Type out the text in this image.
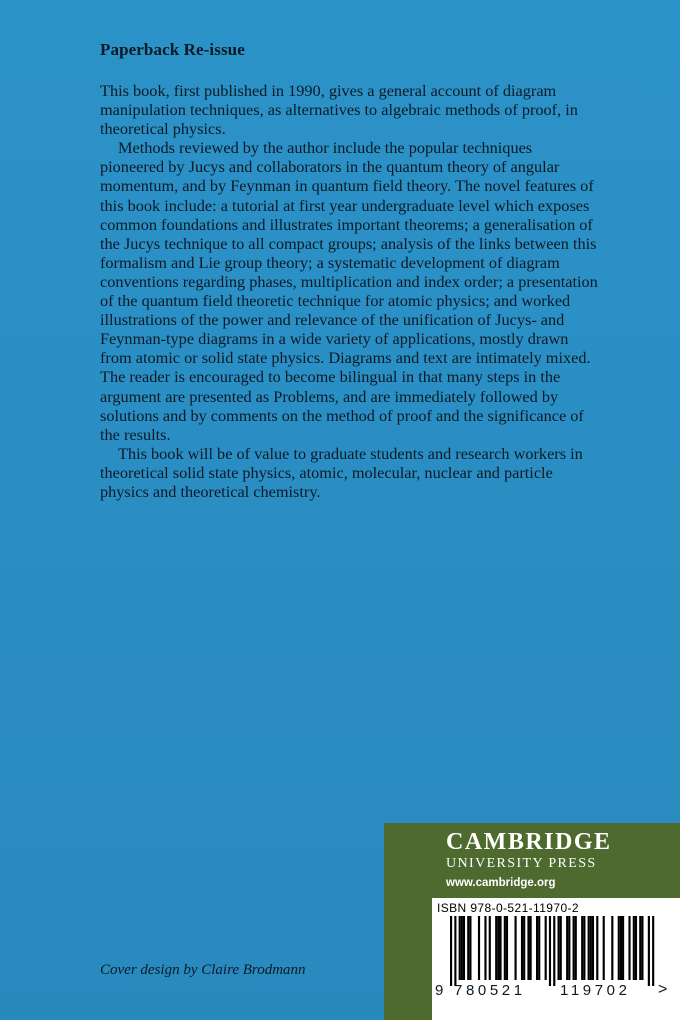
Paperback Re-issue

This book, first published in 1990, gives a general account of diagram manipulation techniques, as alternatives to algebraic methods of proof, in theoretical physics.

Methods reviewed by the author include the popular techniques pioneered by Jucys and collaborators in the quantum theory of angular momentum, and by Feynman in quantum field theory. The novel features of this book include: a tutorial at first year undergraduate level which exposes common foundations and illustrates important theorems; a generalisation of the Jucys technique to all compact groups; analysis of the links between this formalism and Lie group theory; a systematic development of diagram conventions regarding phases, multiplication and index order; a presentation of the quantum field theoretic technique for atomic physics; and worked illustrations of the power and relevance of the unification of Jucys- and Feynman-type diagrams in a wide variety of applications, mostly drawn from atomic or solid state physics. Diagrams and text are intimately mixed. The reader is encouraged to become bilingual in that many steps in the argument are presented as Problems, and are immediately followed by solutions and by comments on the method of proof and the significance of the results.

This book will be of value to graduate students and research workers in theoretical solid state physics, atomic, molecular, nuclear and particle physics and theoretical chemistry.

Cover design by Claire Brodmann
CAMBRIDGE
UNIVERSITY PRESS
www.cambridge.org
ISBN 978-0-521-11970-2
9 780521 119702 >
